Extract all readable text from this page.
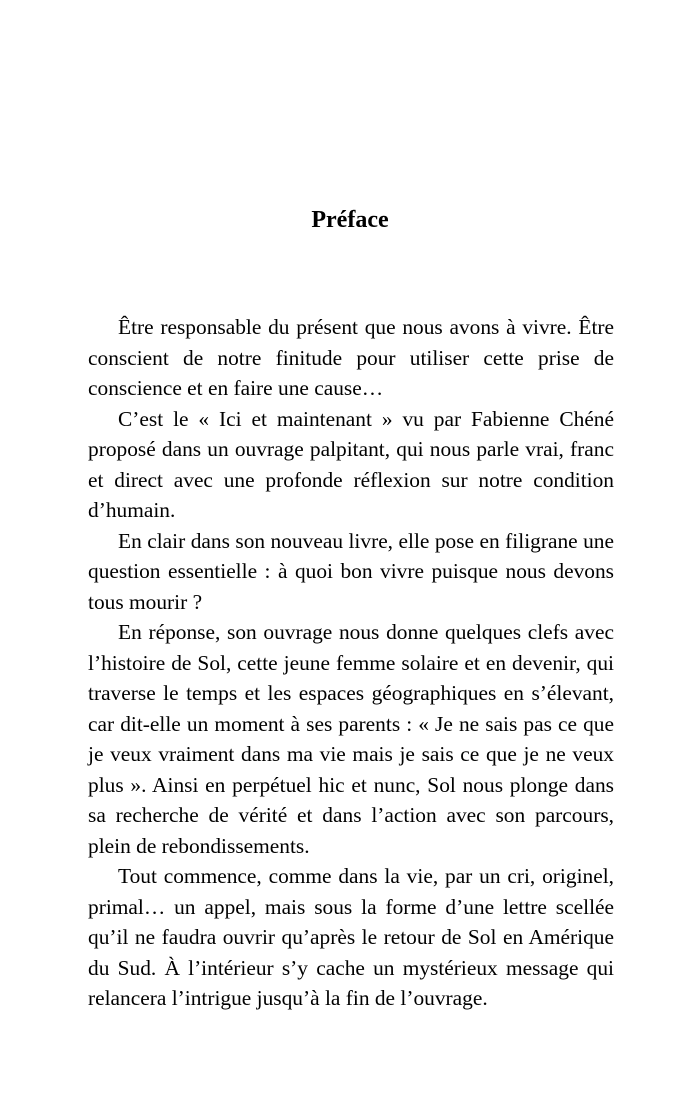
Préface

Être responsable du présent que nous avons à vivre. Être conscient de notre finitude pour utiliser cette prise de conscience et en faire une cause…

C’est le « Ici et maintenant » vu par Fabienne Chéné proposé dans un ouvrage palpitant, qui nous parle vrai, franc et direct avec une profonde réflexion sur notre condition d’humain.

En clair dans son nouveau livre, elle pose en filigrane une question essentielle : à quoi bon vivre puisque nous devons tous mourir ?

En réponse, son ouvrage nous donne quelques clefs avec l’histoire de Sol, cette jeune femme solaire et en devenir, qui traverse le temps et les espaces géographiques en s’élevant, car dit-elle un moment à ses parents : « Je ne sais pas ce que je veux vraiment dans ma vie mais je sais ce que je ne veux plus ». Ainsi en perpétuel hic et nunc, Sol nous plonge dans sa recherche de vérité et dans l’action avec son parcours, plein de rebondissements.

Tout commence, comme dans la vie, par un cri, originel, primal… un appel, mais sous la forme d’une lettre scellée qu’il ne faudra ouvrir qu’après le retour de Sol en Amérique du Sud. À l’intérieur s’y cache un mystérieux message qui relancera l’intrigue jusqu’à la fin de l’ouvrage.
